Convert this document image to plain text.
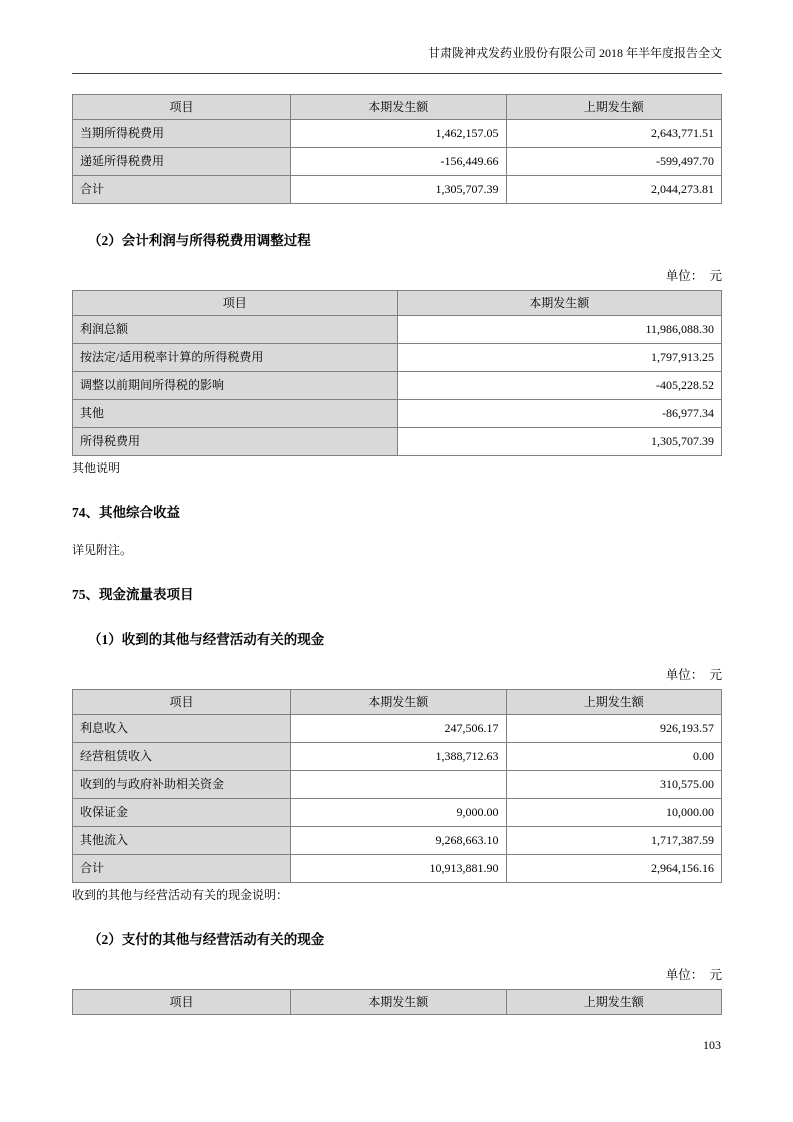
甘肃陇神戎发药业股份有限公司 2018 年半年度报告全文
项目	本期发生额	上期发生额
当期所得税费用	1,462,157.05	2,643,771.51
递延所得税费用	-156,449.66	-599,497.70
合计	1,305,707.39	2,044,273.81
（2）会计利润与所得税费用调整过程
单位：  元
项目	本期发生额
利润总额	11,986,088.30
按法定/适用税率计算的所得税费用	1,797,913.25
调整以前期间所得税的影响	-405,228.52
其他	-86,977.34
所得税费用	1,305,707.39
其他说明
74、其他综合收益
详见附注。
75、现金流量表项目
（1）收到的其他与经营活动有关的现金
单位：  元
项目	本期发生额	上期发生额
利息收入	247,506.17	926,193.57
经营租赁收入	1,388,712.63	0.00
收到的与政府补助相关资金		310,575.00
收保证金	9,000.00	10,000.00
其他流入	9,268,663.10	1,717,387.59
合计	10,913,881.90	2,964,156.16
收到的其他与经营活动有关的现金说明：
（2）支付的其他与经营活动有关的现金
单位：  元
项目	本期发生额	上期发生额
103
